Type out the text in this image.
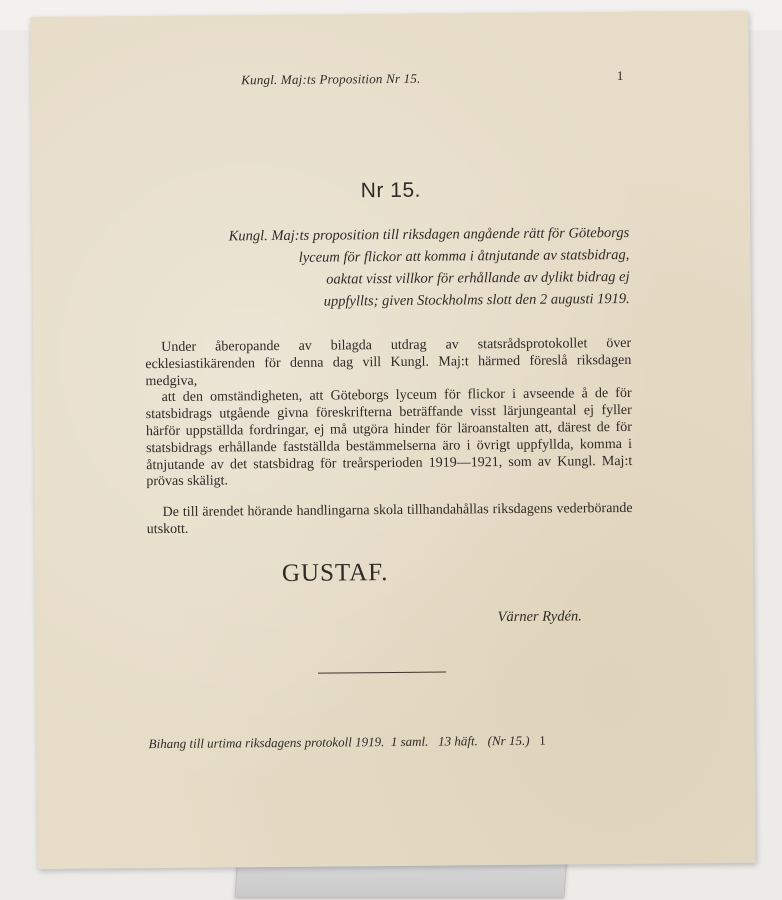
Kungl. Maj:ts Proposition Nr 15.	1
Nr 15.

Kungl. Maj:ts proposition till riksdagen angående rätt för Göteborgs
lyceum för flickor att komma i åtnjutande av statsbidrag,
oaktat visst villkor för erhållande av dylikt bidrag ej
uppfyllts; given Stockholms slott den 2 augusti 1919.

Under åberopande av bilagda utdrag av statsrådsprotokollet över ecklesiastikärenden för denna dag vill Kungl. Maj:t härmed föreslå riksdagen medgiva,

att den omständigheten, att Göteborgs lyceum för flickor i avseende å de för statsbidrags utgående givna föreskrifterna beträffande visst lärjungeantal ej fyller härför uppställda fordringar, ej må utgöra hinder för läroanstalten att, därest de för statsbidrags erhållande fastställda bestämmelserna äro i övrigt uppfyllda, komma i åtnjutande av det statsbidrag för treårsperioden 1919—1921, som av Kungl. Maj:t prövas skäligt.

De till ärendet hörande handlingarna skola tillhandahållas riksdagens vederbörande utskott.

GUSTAF.
Värner Rydén.
Bihang till urtima riksdagens protokoll 1919. 1 saml. 13 häft. (Nr 15.) 1
